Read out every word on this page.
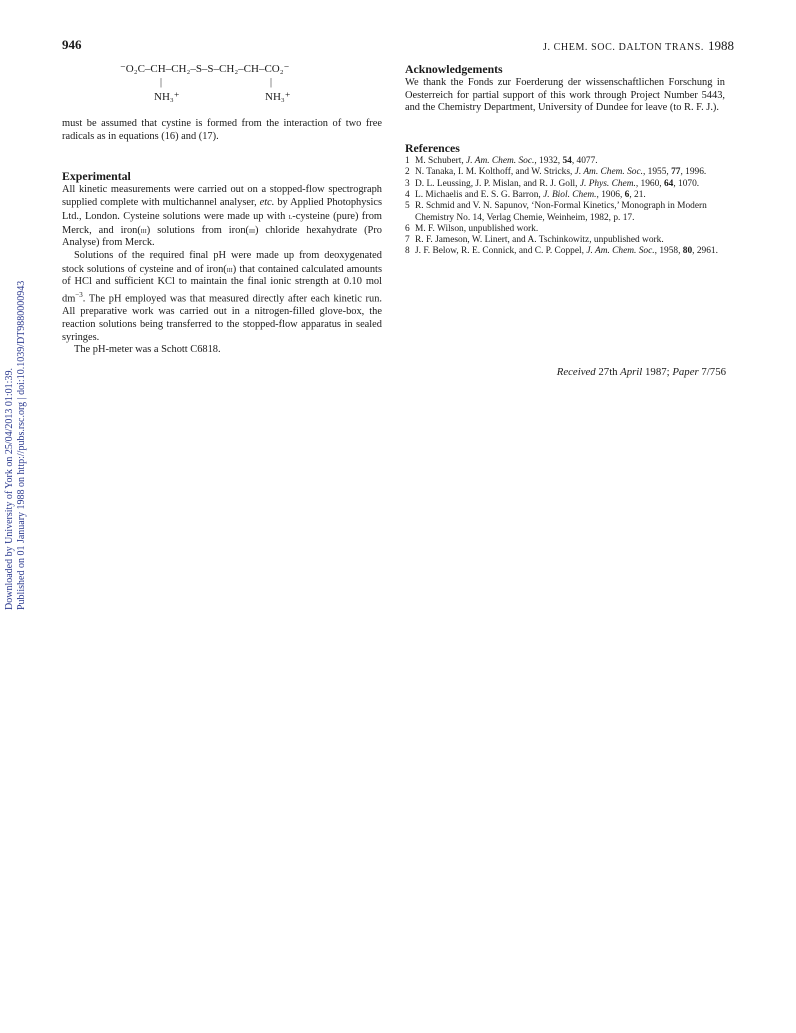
946	J. CHEM. SOC. DALTON TRANS. 1988
⁻O₂C–CH–CH₂–S–S–CH₂–CH–CO₂⁻
|	|
NH₃⁺	NH₃⁺

must be assumed that cystine is formed from the interaction of two free radicals as in equations (16) and (17).

Experimental

All kinetic measurements were carried out on a stopped-flow spectrograph supplied complete with multichannel analyser, etc. by Applied Photophysics Ltd., London. Cysteine solutions were made up with l-cysteine (pure) from Merck, and iron(iii) solutions from iron(iii) chloride hexahydrate (Pro Analyse) from Merck.

Solutions of the required final pH were made up from deoxygenated stock solutions of cysteine and of iron(iii) that contained calculated amounts of HCl and sufficient KCl to maintain the final ionic strength at 0.10 mol $dm^{-3}$. The pH employed was that measured directly after each kinetic run. All preparative work was carried out in a nitrogen-filled glove-box, the reaction solutions being transferred to the stopped-flow apparatus in sealed syringes.

The pH-meter was a Schott C6818.

Acknowledgements

We thank the Fonds zur Foerderung der wissenschaftlichen Forschung in Oesterreich for partial support of this work through Project Number 5443, and the Chemistry Department, University of Dundee for leave (to R. F. J.).

References
1 M. Schubert, J. Am. Chem. Soc., 1932, 54, 4077.
2 N. Tanaka, I. M. Kolthoff, and W. Stricks, J. Am. Chem. Soc., 1955, 77, 1996.
3 D. L. Leussing, J. P. Mislan, and R. J. Goll, J. Phys. Chem., 1960, 64, 1070.
4 L. Michaelis and E. S. G. Barron, J. Biol. Chem., 1906, 6, 21.
5 R. Schmid and V. N. Sapunov, ‘Non-Formal Kinetics,’ Monograph in Modern Chemistry No. 14, Verlag Chemie, Weinheim, 1982, p. 17.
6 M. F. Wilson, unpublished work.
7 R. F. Jameson, W. Linert, and A. Tschinkowitz, unpublished work.
8 J. F. Below, R. E. Connick, and C. P. Coppel, J. Am. Chem. Soc., 1958, 80, 2961.
Received 27th April 1987; Paper 7/756
Downloaded by University of York on 25/04/2013 01:01:39. Published on 01 January 1988 on http://pubs.rsc.org | doi:10.1039/DT9880000943
